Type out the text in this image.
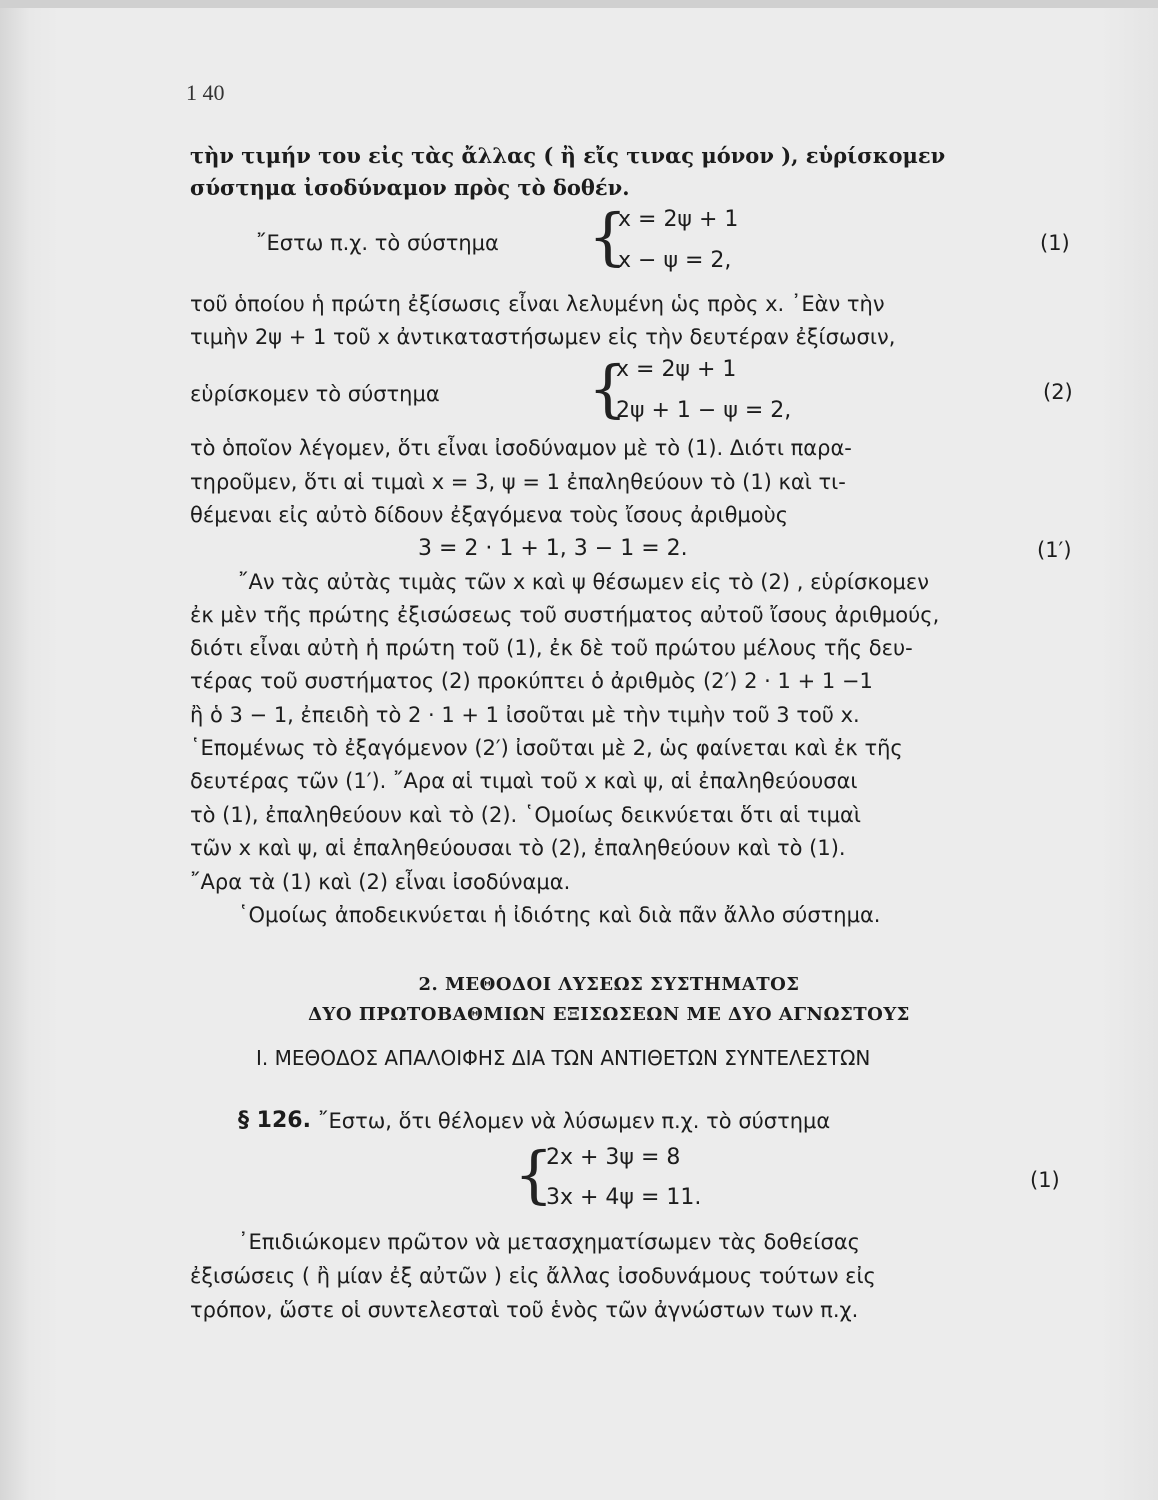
1 40
τὴν τιμήν του εἰς τὰς ἄλλας ( ἢ εἴς τινας μόνον ), εὑρίσκομεν
σύστημα ἰσοδύναμον πρὸς τὸ δοθέν.
῎Εστω π.χ. τὸ σύστημα {
x = 2ψ + 1
x − ψ = 2,
(1)
τοῦ ὁποίου ἡ πρώτη ἐξίσωσις εἶναι λελυμένη ὡς πρὸς x. ᾽Εὰν τὴν
τιμὴν 2ψ + 1 τοῦ x ἀντικαταστήσωμεν εἰς τὴν δευτέραν ἐξίσωσιν,
εὑρίσκομεν τὸ σύστημα {
x = 2ψ + 1
2ψ + 1 − ψ = 2,
(2)
τὸ ὁποῖον λέγομεν, ὅτι εἶναι ἰσοδύναμον μὲ τὸ (1). Διότι παρα-
τηροῦμεν, ὅτι αἱ τιμαὶ x = 3, ψ = 1 ἐπαληθεύουν τὸ (1) καὶ τι-
θέμεναι εἰς αὐτὸ δίδουν ἐξαγόμενα τοὺς ἴσους ἀριθμοὺς
3 = 2 · 1 + 1, 3 − 1 = 2.	(1′)
῎Αν τὰς αὐτὰς τιμὰς τῶν x καὶ ψ θέσωμεν εἰς τὸ (2) , εὑρίσκομεν
ἐκ μὲν τῆς πρώτης ἐξισώσεως τοῦ συστήματος αὐτοῦ ἴσους ἀριθμούς,
διότι εἶναι αὐτὴ ἡ πρώτη τοῦ (1), ἐκ δὲ τοῦ πρώτου μέλους τῆς δευ-
τέρας τοῦ συστήματος (2) προκύπτει ὁ ἀριθμὸς (2′) 2 · 1 + 1 −1
ἢ ὁ 3 − 1, ἐπειδὴ τὸ 2 · 1 + 1 ἰσοῦται μὲ τὴν τιμὴν τοῦ 3 τοῦ x.
῾Επομένως τὸ ἐξαγόμενον (2′) ἰσοῦται μὲ 2, ὡς φαίνεται καὶ ἐκ τῆς
δευτέρας τῶν (1′). ῎Αρα αἱ τιμαὶ τοῦ x καὶ ψ, αἱ ἐπαληθεύουσαι
τὸ (1), ἐπαληθεύουν καὶ τὸ (2). ῾Ομοίως δεικνύεται ὅτι αἱ τιμαὶ
τῶν x καὶ ψ, αἱ ἐπαληθεύουσαι τὸ (2), ἐπαληθεύουν καὶ τὸ (1).
῎Αρα τὰ (1) καὶ (2) εἶναι ἰσοδύναμα.
῾Ομοίως ἀποδεικνύεται ἡ ἰδιότης καὶ διὰ πᾶν ἄλλο σύστημα.
2. ΜΕΘΟΔΟΙ ΛΥΣΕΩΣ ΣΥΣΤΗΜΑΤΟΣ
ΔΥΟ ΠΡΩΤΟΒΑΘΜΙΩΝ ΕΞΙΣΩΣΕΩΝ ΜΕ ΔΥΟ ΑΓΝΩΣΤΟΥΣ
Ι. ΜΕΘΟΔΟΣ ΑΠΑΛΟΙΦΗΣ ΔΙΑ ΤΩΝ ΑΝΤΙΘΕΤΩΝ ΣΥΝΤΕΛΕΣΤΩΝ
§ 126. ῎Εστω, ὅτι θέλομεν νὰ λύσωμεν π.χ. τὸ σύστημα
{
2x + 3ψ = 8
3x + 4ψ = 11.
(1)
᾽Επιδιώκομεν πρῶτον νὰ μετασχηματίσωμεν τὰς δοθείσας
ἐξισώσεις ( ἢ μίαν ἐξ αὐτῶν ) εἰς ἄλλας ἰσοδυνάμους τούτων εἰς
τρόπον, ὥστε οἱ συντελεσταὶ τοῦ ἑνὸς τῶν ἀγνώστων των π.χ.
